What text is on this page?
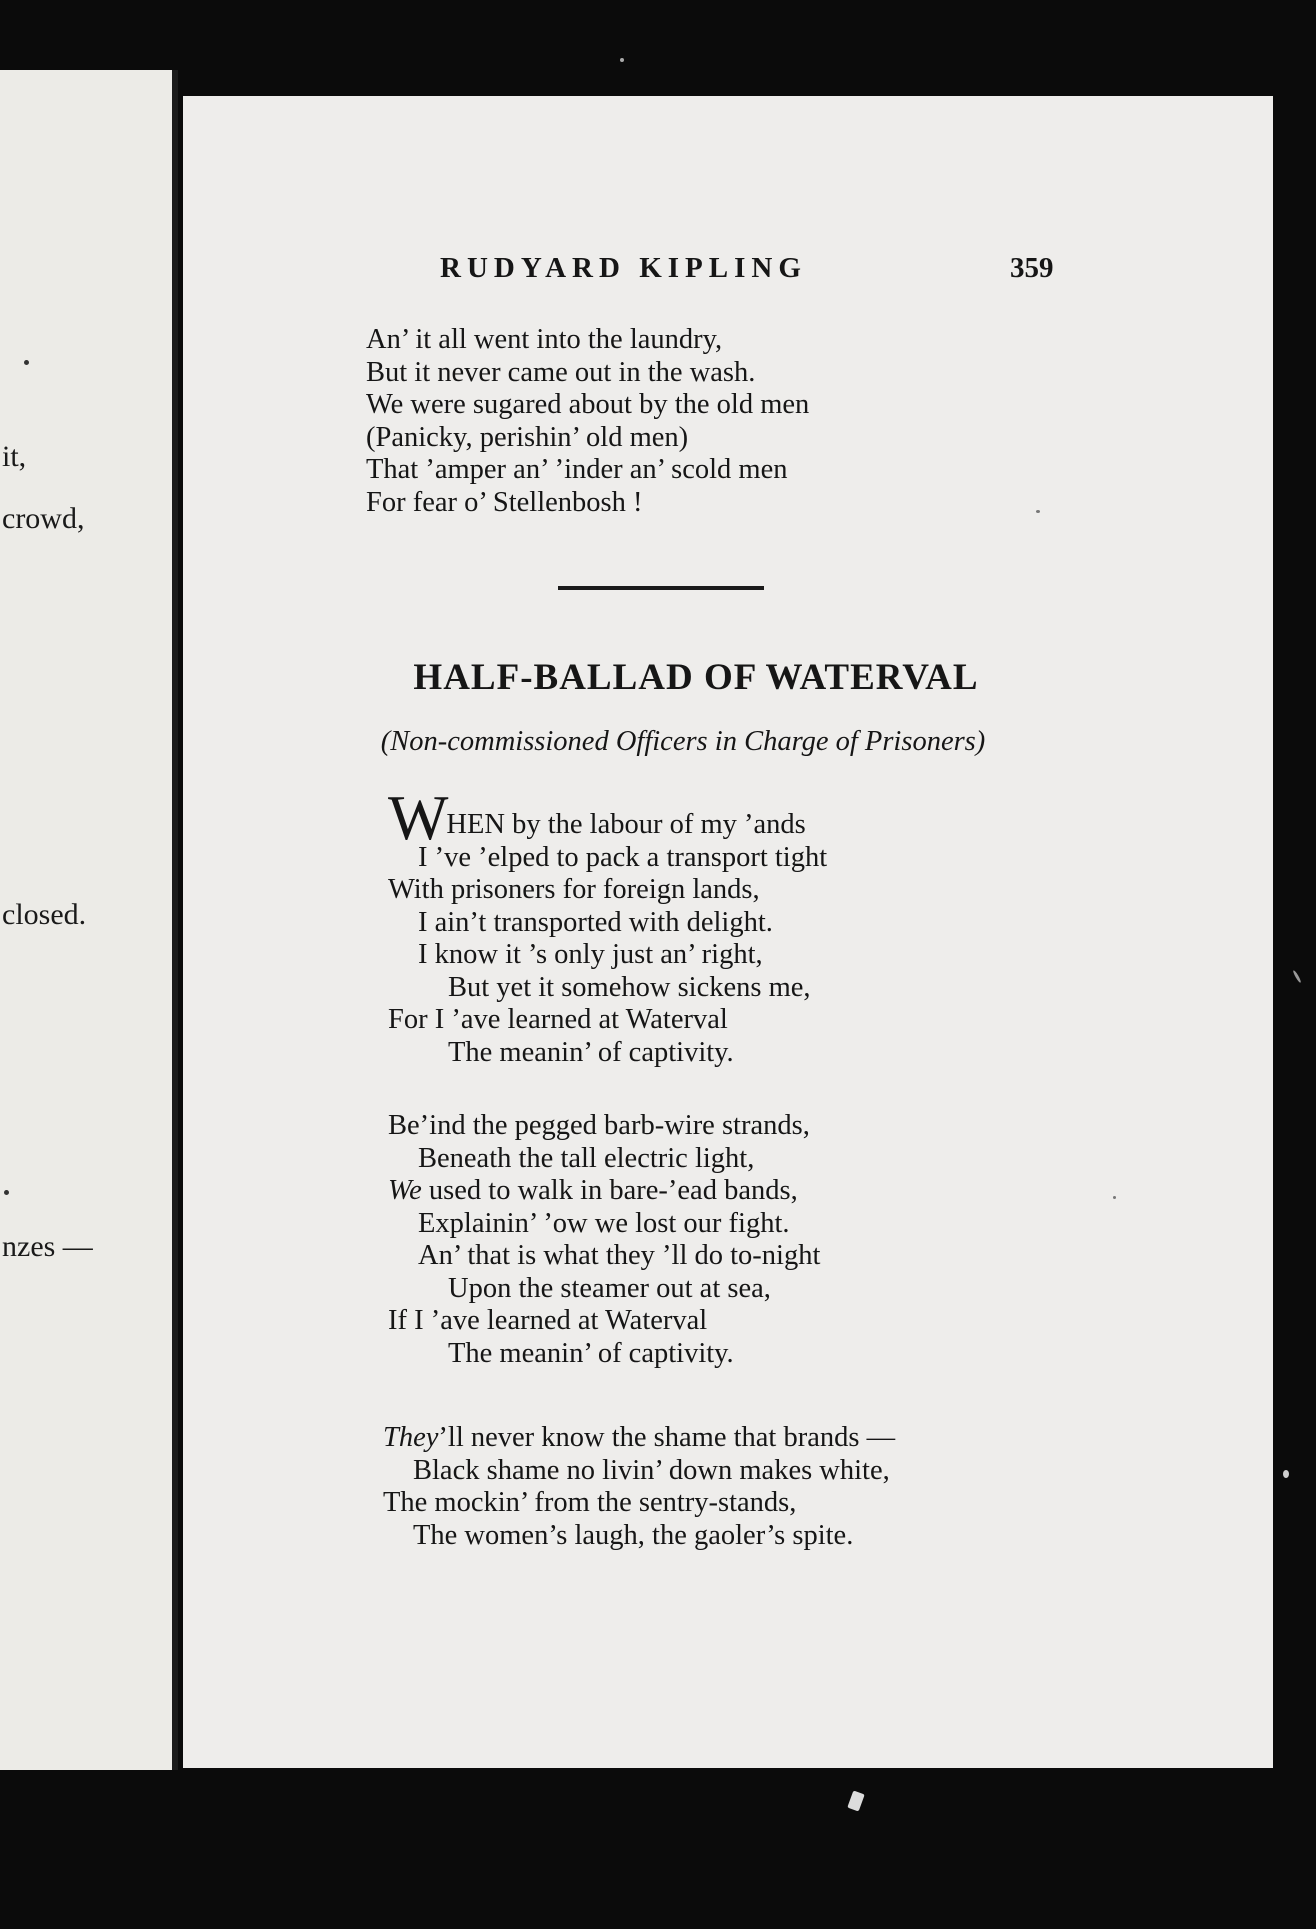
it,
crowd,
closed.
nzes —
RUDYARD KIPLING	359
An’ it all went into the laundry,
But it never came out in the wash.
We were sugared about by the old men
(Panicky, perishin’ old men)
That ’amper an’ ’inder an’ scold men
For fear o’ Stellenbosh !
HALF-BALLAD OF WATERVAL
(Non-commissioned Officers in Charge of Prisoners)
WHEN by the labour of my ’ands
I ’ve ’elped to pack a transport tight
With prisoners for foreign lands,
I ain’t transported with delight.
I know it ’s only just an’ right,
But yet it somehow sickens me,
For I ’ave learned at Waterval
The meanin’ of captivity.
Be’ind the pegged barb-wire strands,
Beneath the tall electric light,
We used to walk in bare-’ead bands,
Explainin’ ’ow we lost our fight.
An’ that is what they ’ll do to-night
Upon the steamer out at sea,
If I ’ave learned at Waterval
The meanin’ of captivity.
They’ll never know the shame that brands —
Black shame no livin’ down makes white,
The mockin’ from the sentry-stands,
The women’s laugh, the gaoler’s spite.
